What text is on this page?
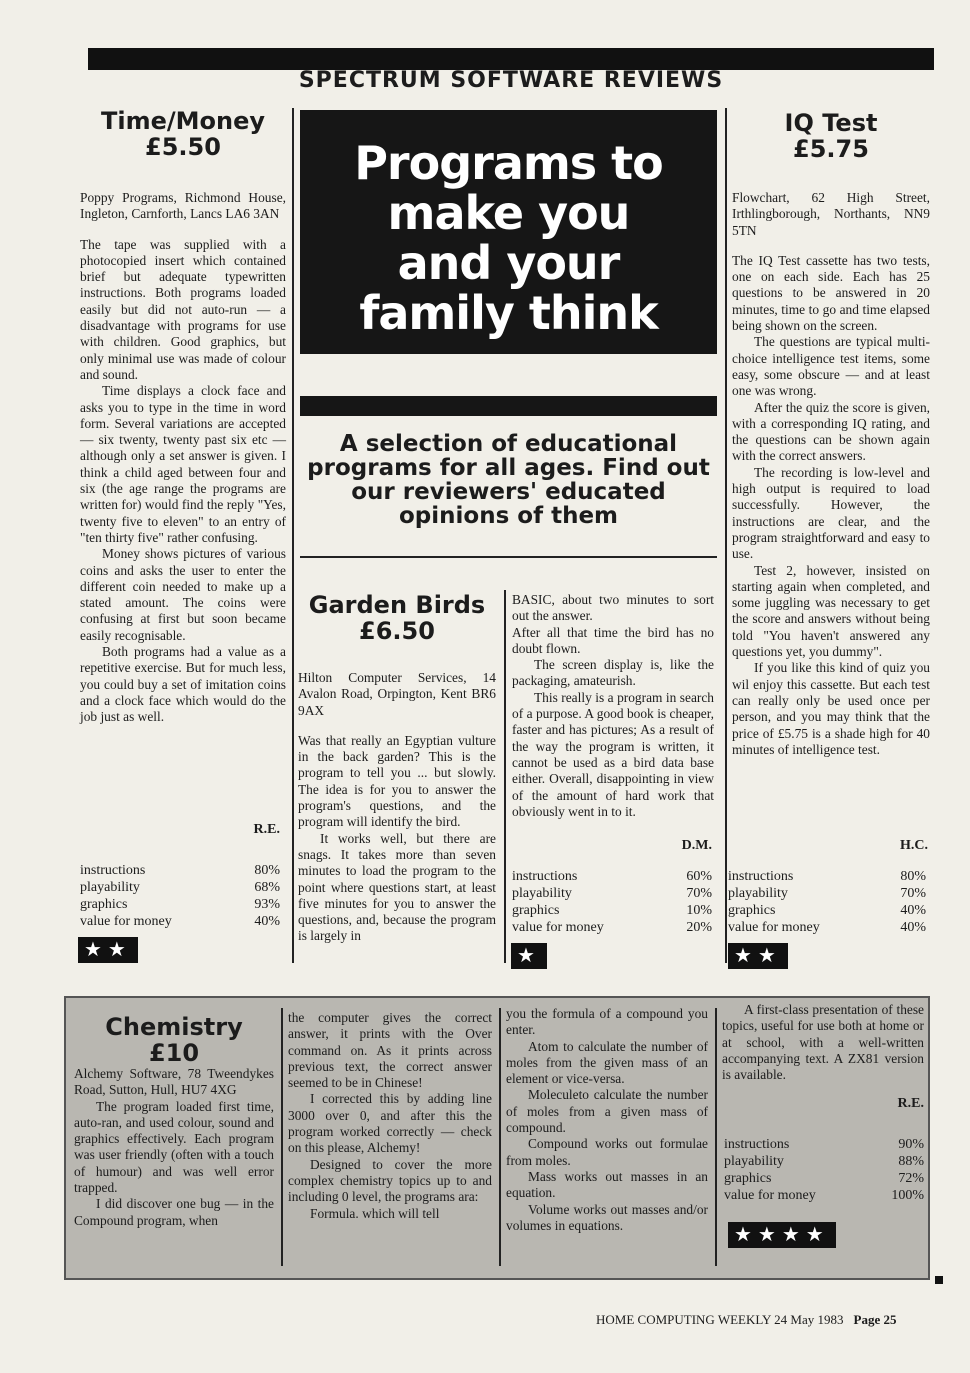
SPECTRUM SOFTWARE REVIEWS
Time/Money
£5.50

Poppy Programs, Richmond House, Ingleton, Carnforth, Lancs LA6 3AN

The tape was supplied with a photocopied insert which contained brief but adequate typewritten instructions. Both programs loaded easily but did not auto-run — a disadvantage with programs for use with children. Good graphics, but only minimal use was made of colour and sound.

Time displays a clock face and asks you to type in the time in word form. Several variations are accepted — six twenty, twenty past six etc — although only a set answer is given. I think a child aged between four and six (the age range the programs are written for) would find the reply "Yes, twenty five to eleven" to an entry of "ten thirty five" rather confusing.

Money shows pictures of various coins and asks the user to enter the different coin needed to make up a stated amount. The coins were confusing at first but soon became easily recognisable.

Both programs had a value as a repetitive exercise. But for much less, you could buy a set of imitation coins and a clock face which would do the job just as well.

R.E.
instructions	80%
playability	68%
graphics	93%
value for money	40%
★★
Programs to
make you
and your
family think
A selection of educational programs for all ages. Find out our reviewers' educated opinions of them
Garden Birds
£6.50

Hilton Computer Services, 14 Avalon Road, Orpington, Kent BR6 9AX

Was that really an Egyptian vulture in the back garden? This is the program to tell you ... but slowly. The idea is for you to answer the program's questions, and the program will identify the bird.

It works well, but there are snags. It takes more than seven minutes to load the program to the point where questions start, at least five minutes for you to answer the questions, and, because the program is largely in

BASIC, about two minutes to sort out the answer.

After all that time the bird has no doubt flown.

The screen display is, like the packaging, amateurish.

This really is a program in search of a purpose. A good book is cheaper, faster and has pictures; As a result of the way the program is written, it cannot be used as a bird data base either. Overall, disappointing in view of the amount of hard work that obviously went in to it.

D.M.
instructions	60%
playability	70%
graphics	10%
value for money	20%
★
IQ Test
£5.75

Flowchart, 62 High Street, Irthlingborough, Northants, NN9 5TN

The IQ Test cassette has two tests, one on each side. Each has 25 questions to be answered in 20 minutes, time to go and time elapsed being shown on the screen.

The questions are typical multi-choice intelligence test items, some easy, some obscure — and at least one was wrong.

After the quiz the score is given, with a corresponding IQ rating, and the questions can be shown again with the correct answers.

The recording is low-level and high output is required to load successfully. However, the instructions are clear, and the program straightforward and easy to use.

Test 2, however, insisted on starting again when completed, and some juggling was necessary to get the score and answers without being told "You haven't answered any questions yet, you dummy".

If you like this kind of quiz you wil enjoy this cassette. But each test can really only be used once per person, and you may think that the price of £5.75 is a shade high for 40 minutes of intelligence test.

H.C.
instructions	80%
playability	70%
graphics	40%
value for money	40%
★★
Chemistry
£10

Alchemy Software, 78 Tweendykes Road, Sutton, Hull, HU7 4XG

The program loaded first time, auto-ran, and used colour, sound and graphics effectively. Each program was user friendly (often with a touch of humour) and was well error trapped.

I did discover one bug — in the Compound program, when

the computer gives the correct answer, it prints with the Over command on. As it prints across previous text, the correct answer seemed to be in Chinese!

I corrected this by adding line 3000 over 0, and after this the program worked correctly — check on this please, Alchemy!

Designed to cover the more complex chemistry topics up to and including 0 level, the programs ara:

Formula. which will tell

you the formula of a compound you enter.

Atom to calculate the number of moles from the given mass of an element or vice-versa.

Moleculeto calculate the number of moles from a given mass of compound.

Compound works out formulae from moles.

Mass works out masses in an equation.

Volume works out masses and/or volumes in equations.

A first-class presentation of these topics, useful for use both at home or at school, with a well-written accompanying text. A ZX81 version is available.

R.E.
instructions	90%
playability	88%
graphics	72%
value for money	100%
★★★★
HOME COMPUTING WEEKLY 24 May 1983 Page 25
